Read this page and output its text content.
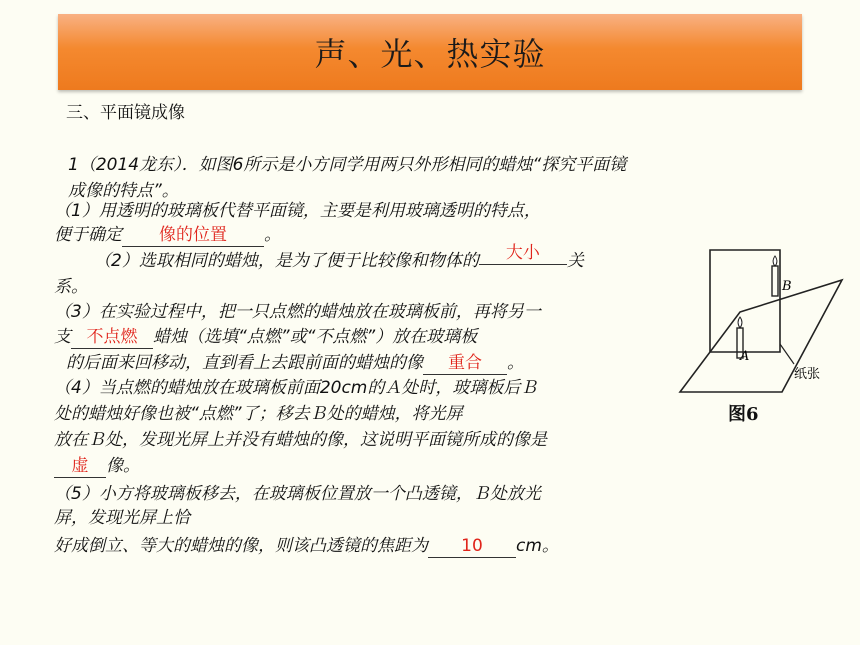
声、光、热实验
三、平面镜成像
1（2014龙东）．如图6所示是小方同学用两只外形相同的蜡烛“探究平面镜
成像的特点”。
（1）用透明的玻璃板代替平面镜，主要是利用玻璃透明的特点，
便于确定 像的位置 。
（2）选取相同的蜡烛，是为了便于比较像和物体的 大小 关
系。
（3）在实验过程中，把一只点燃的蜡烛放在玻璃板前，再将另一
支 不点燃 蜡烛（选填“点燃”或“不点燃”）放在玻璃板
的后面来回移动，直到看上去跟前面的蜡烛的像 重合 。
（4）当点燃的蜡烛放在玻璃板前面20cm的Ａ处时，玻璃板后Ｂ
处的蜡烛好像也被“点燃”了；移去Ｂ处的蜡烛，将光屏
放在Ｂ处，发现光屏上并没有蜡烛的像，这说明平面镜所成的像是
虚 像。
（5）小方将玻璃板移去，在玻璃板位置放一个凸透镜，Ｂ处放光
屏，发现光屏上恰
好成倒立、等大的蜡烛的像，则该凸透镜的焦距为 10 cm。
B
A
纸张
图6
